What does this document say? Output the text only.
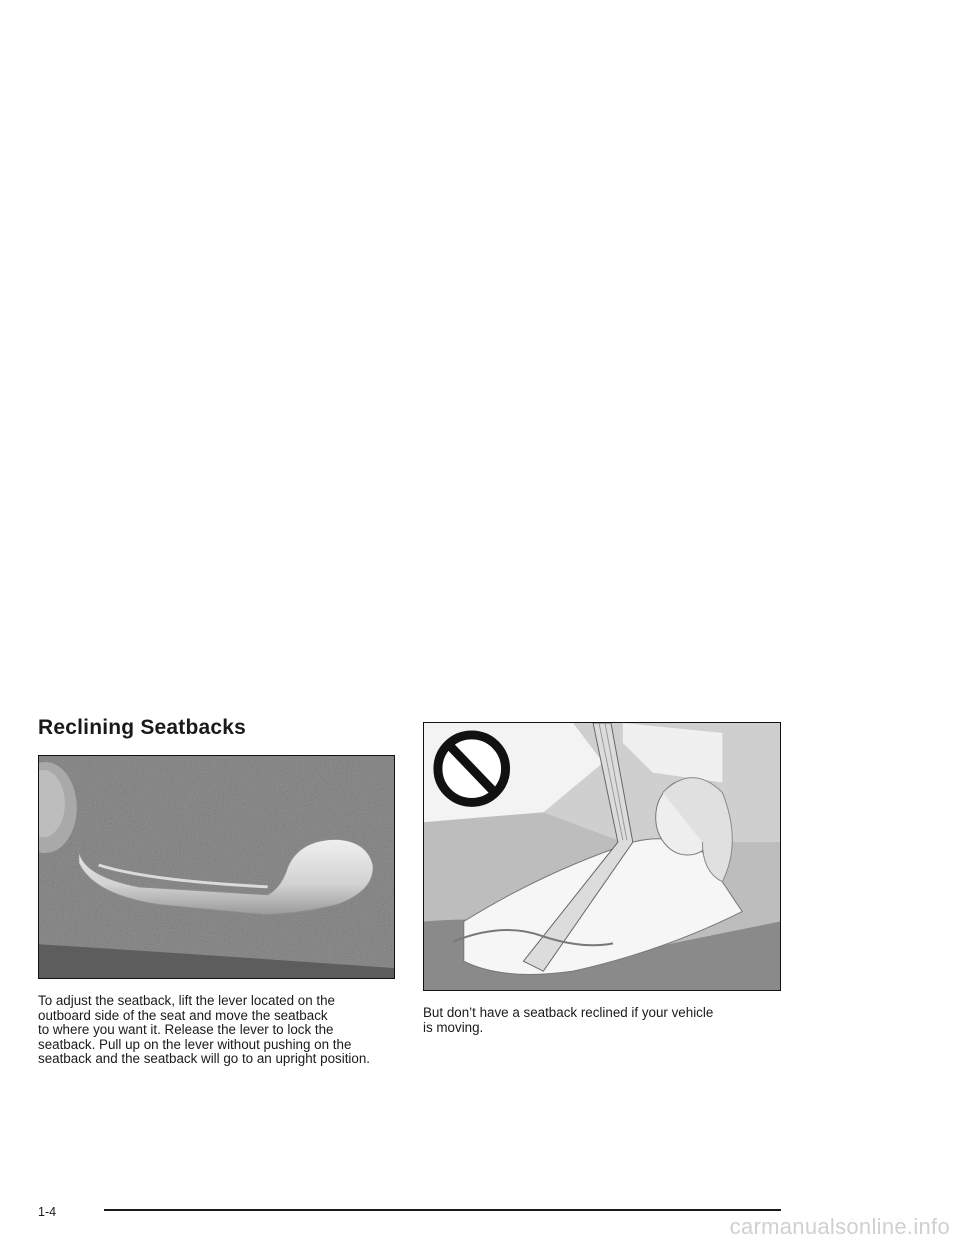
Reclining Seatbacks

To adjust the seatback, lift the lever located on the
outboard side of the seat and move the seatback
to where you want it. Release the lever to lock the
seatback. Pull up on the lever without pushing on the
seatback and the seatback will go to an upright position.

But don’t have a seatback reclined if your vehicle
is moving.

1-4
carmanualsonline.info
